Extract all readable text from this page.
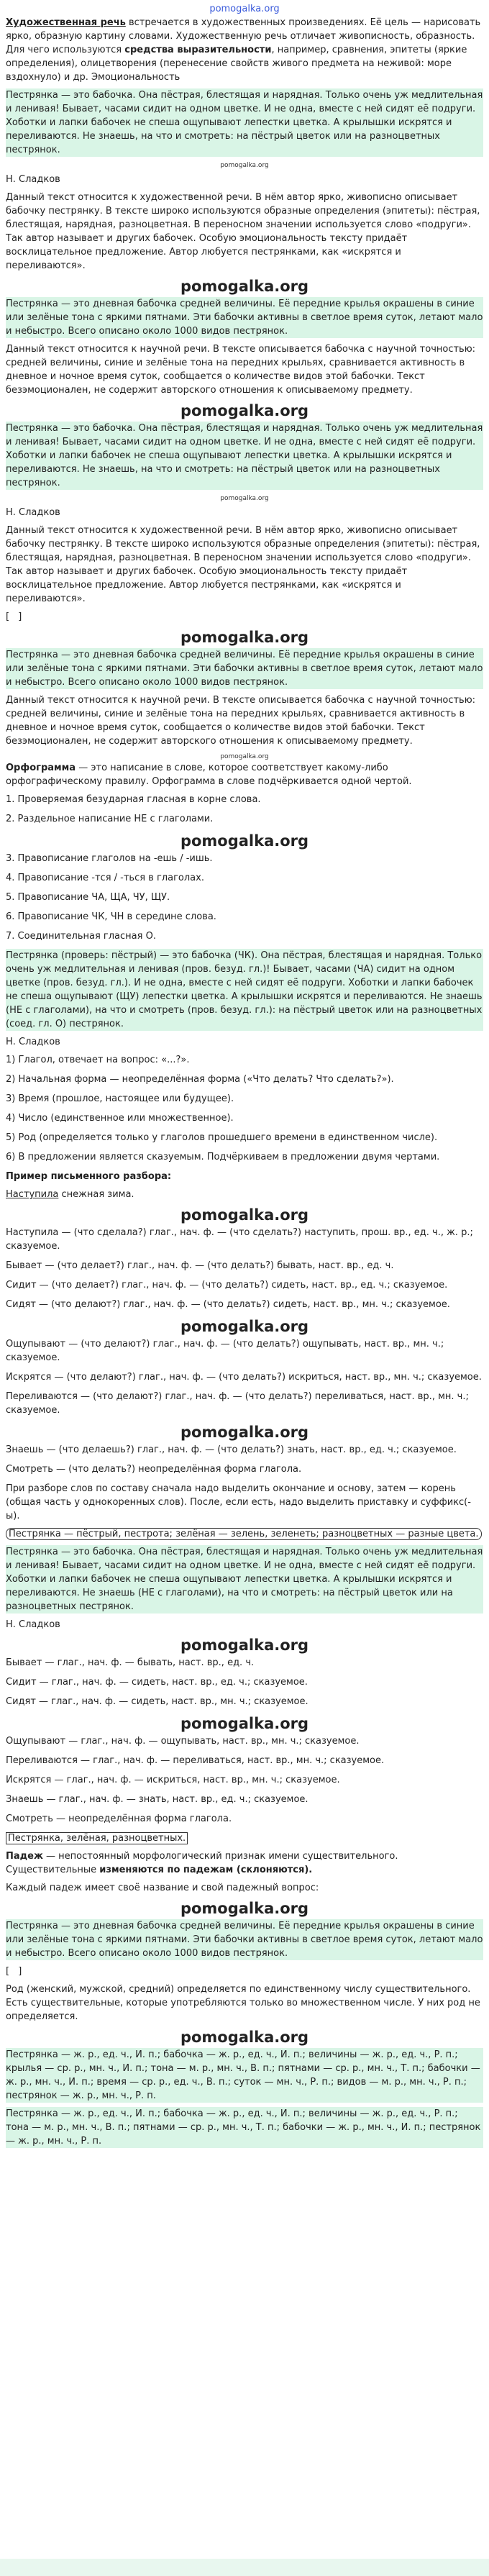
pomogalka.org

Художественная речь встречается в художественных произведениях. Её цель — нарисовать ярко, образную картину словами. Художественную речь отличает живописность, образность. Для чего используются средства выразительности, например, сравнения, эпитеты (яркие определения), олицетворения (перенесение свойств живого предмета на неживой: море вздохнуло) и др. Эмоциональность

Пестрянка — это бабочка. Она пёстрая, блестящая и нарядная. Только очень уж медлительная и ленивая! Бывает, часами сидит на одном цветке. И не одна, вместе с ней сидят её подруги. Хоботки и лапки бабочек не спеша ощупывают лепестки цветка. А крылышки искрятся и переливаются. Не знаешь, на что и смотреть: на пёстрый цветок или на разноцветных пестрянок.

pomogalka.org

Н. Сладков

Данный текст относится к художественной речи. В нём автор ярко, живописно описывает бабочку пестрянку. В тексте широко используются образные определения (эпитеты): пёстрая, блестящая, нарядная, разноцветная. В переносном значении используется слово «подруги». Так автор называет и других бабочек. Особую эмоциональность тексту придаёт восклицательное предложение. Автор любуется пестрянками, как «искрятся и переливаются».

pomogalka.org

Пестрянка — это дневная бабочка средней величины. Её передние крылья окрашены в синие или зелёные тона с яркими пятнами. Эти бабочки активны в светлое время суток, летают мало и небыстро. Всего описано около 1000 видов пестрянок.

Данный текст относится к научной речи. В тексте описывается бабочка с научной точностью: средней величины, синие и зелёные тона на передних крыльях, сравнивается активность в дневное и ночное время суток, сообщается о количестве видов этой бабочки. Текст безэмоционален, не содержит авторского отношения к описываемому предмету.

pomogalka.org

Пестрянка — это бабочка. Она пёстрая, блестящая и нарядная. Только очень уж медлительная и ленивая! Бывает, часами сидит на одном цветке. И не одна, вместе с ней сидят её подруги. Хоботки и лапки бабочек не спеша ощупывают лепестки цветка. А крылышки искрятся и переливаются. Не знаешь, на что и смотреть: на пёстрый цветок или на разноцветных пестрянок.

pomogalka.org

Н. Сладков

Данный текст относится к художественной речи. В нём автор ярко, живописно описывает бабочку пестрянку. В тексте широко используются образные определения (эпитеты): пёстрая, блестящая, нарядная, разноцветная. В переносном значении используется слово «подруги». Так автор называет и других бабочек. Особую эмоциональность тексту придаёт восклицательное предложение. Автор любуется пестрянками, как «искрятся и переливаются».

[ ]

pomogalka.org

Пестрянка — это дневная бабочка средней величины. Её передние крылья окрашены в синие или зелёные тона с яркими пятнами. Эти бабочки активны в светлое время суток, летают мало и небыстро. Всего описано около 1000 видов пестрянок.

Данный текст относится к научной речи. В тексте описывается бабочка с научной точностью: средней величины, синие и зелёные тона на передних крыльях, сравнивается активность в дневное и ночное время суток, сообщается о количестве видов этой бабочки. Текст безэмоционален, не содержит авторского отношения к описываемому предмету.

pomogalka.org

Орфограмма — это написание в слове, которое соответствует какому-либо орфографическому правилу. Орфограмма в слове подчёркивается одной чертой.

1. Проверяемая безударная гласная в корне слова.

2. Раздельное написание НЕ с глаголами.

pomogalka.org

3. Правописание глаголов на -ешь / -ишь.

4. Правописание -тся / -ться в глаголах.

5. Правописание ЧА, ЩА, ЧУ, ЩУ.

6. Правописание ЧК, ЧН в середине слова.

7. Соединительная гласная О.

Пестрянка (проверь: пёстрый) — это бабочка (ЧК). Она пёстрая, блестящая и нарядная. Только очень уж медлительная и ленивая (пров. безуд. гл.)! Бывает, часами (ЧА) сидит на одном цветке (пров. безуд. гл.). И не одна, вместе с ней сидят её подруги. Хоботки и лапки бабочек не спеша ощупывают (ЩУ) лепестки цветка. А крылышки искрятся и переливаются. Не знаешь (НЕ с глаголами), на что и смотреть (пров. безуд. гл.): на пёстрый цветок или на разноцветных (соед. гл. О) пестрянок.

Н. Сладков

1) Глагол, отвечает на вопрос: «...?».

2) Начальная форма — неопределённая форма («Что делать? Что сделать?»).

3) Время (прошлое, настоящее или будущее).

4) Число (единственное или множественное).

5) Род (определяется только у глаголов прошедшего времени в единственном числе).

6) В предложении является сказуемым. Подчёркиваем в предложении двумя чертами.

Пример письменного разбора:

Наступила снежная зима.

pomogalka.org

Наступила — (что сделала?) глаг., нач. ф. — (что сделать?) наступить, прош. вр., ед. ч., ж. р.; сказуемое.

Бывает — (что делает?) глаг., нач. ф. — (что делать?) бывать, наст. вр., ед. ч.

Сидит — (что делает?) глаг., нач. ф. — (что делать?) сидеть, наст. вр., ед. ч.; сказуемое.

Сидят — (что делают?) глаг., нач. ф. — (что делать?) сидеть, наст. вр., мн. ч.; сказуемое.

pomogalka.org

Ощупывают — (что делают?) глаг., нач. ф. — (что делать?) ощупывать, наст. вр., мн. ч.; сказуемое.

Искрятся — (что делают?) глаг., нач. ф. — (что делать?) искриться, наст. вр., мн. ч.; сказуемое.

Переливаются — (что делают?) глаг., нач. ф. — (что делать?) переливаться, наст. вр., мн. ч.; сказуемое.

pomogalka.org

Знаешь — (что делаешь?) глаг., нач. ф. — (что делать?) знать, наст. вр., ед. ч.; сказуемое.

Смотреть — (что делать?) неопределённая форма глагола.

При разборе слов по составу сначала надо выделить окончание и основу, затем — корень (общая часть у однокоренных слов). После, если есть, надо выделить приставку и суффикс(-ы).

Пестрянка — пёстрый, пестрота; зелёная — зелень, зеленеть; разноцветных — разные цвета.

Пестрянка — это бабочка. Она пёстрая, блестящая и нарядная. Только очень уж медлительная и ленивая! Бывает, часами сидит на одном цветке. И не одна, вместе с ней сидят её подруги. Хоботки и лапки бабочек не спеша ощупывают лепестки цветка. А крылышки искрятся и переливаются. Не знаешь (НЕ с глаголами), на что и смотреть: на пёстрый цветок или на разноцветных пестрянок.

Н. Сладков

pomogalka.org

Бывает — глаг., нач. ф. — бывать, наст. вр., ед. ч.

Сидит — глаг., нач. ф. — сидеть, наст. вр., ед. ч.; сказуемое.

Сидят — глаг., нач. ф. — сидеть, наст. вр., мн. ч.; сказуемое.

pomogalka.org

Ощупывают — глаг., нач. ф. — ощупывать, наст. вр., мн. ч.; сказуемое.

Переливаются — глаг., нач. ф. — переливаться, наст. вр., мн. ч.; сказуемое.

Искрятся — глаг., нач. ф. — искриться, наст. вр., мн. ч.; сказуемое.

Знаешь — глаг., нач. ф. — знать, наст. вр., ед. ч.; сказуемое.

Смотреть — неопределённая форма глагола.

Пестрянка, зелёная, разноцветных.

Падеж — непостоянный морфологический признак имени существительного. Существительные изменяются по падежам (склоняются).

Каждый падеж имеет своё название и свой падежный вопрос:

pomogalka.org

Пестрянка — это дневная бабочка средней величины. Её передние крылья окрашены в синие или зелёные тона с яркими пятнами. Эти бабочки активны в светлое время суток, летают мало и небыстро. Всего описано около 1000 видов пестрянок.

[ ]

Род (женский, мужской, средний) определяется по единственному числу существительного. Есть существительные, которые употребляются только во множественном числе. У них род не определяется.

pomogalka.org

Пестрянка — ж. р., ед. ч., И. п.; бабочка — ж. р., ед. ч., И. п.; величины — ж. р., ед. ч., Р. п.; крылья — ср. р., мн. ч., И. п.; тона — м. р., мн. ч., В. п.; пятнами — ср. р., мн. ч., Т. п.; бабочки — ж. р., мн. ч., И. п.; время — ср. р., ед. ч., В. п.; суток — мн. ч., Р. п.; видов — м. р., мн. ч., Р. п.; пестрянок — ж. р., мн. ч., Р. п.

Пестрянка — ж. р., ед. ч., И. п.; бабочка — ж. р., ед. ч., И. п.; величины — ж. р., ед. ч., Р. п.; тона — м. р., мн. ч., В. п.; пятнами — ср. р., мн. ч., Т. п.; бабочки — ж. р., мн. ч., И. п.; пестрянок — ж. р., мн. ч., Р. п.
